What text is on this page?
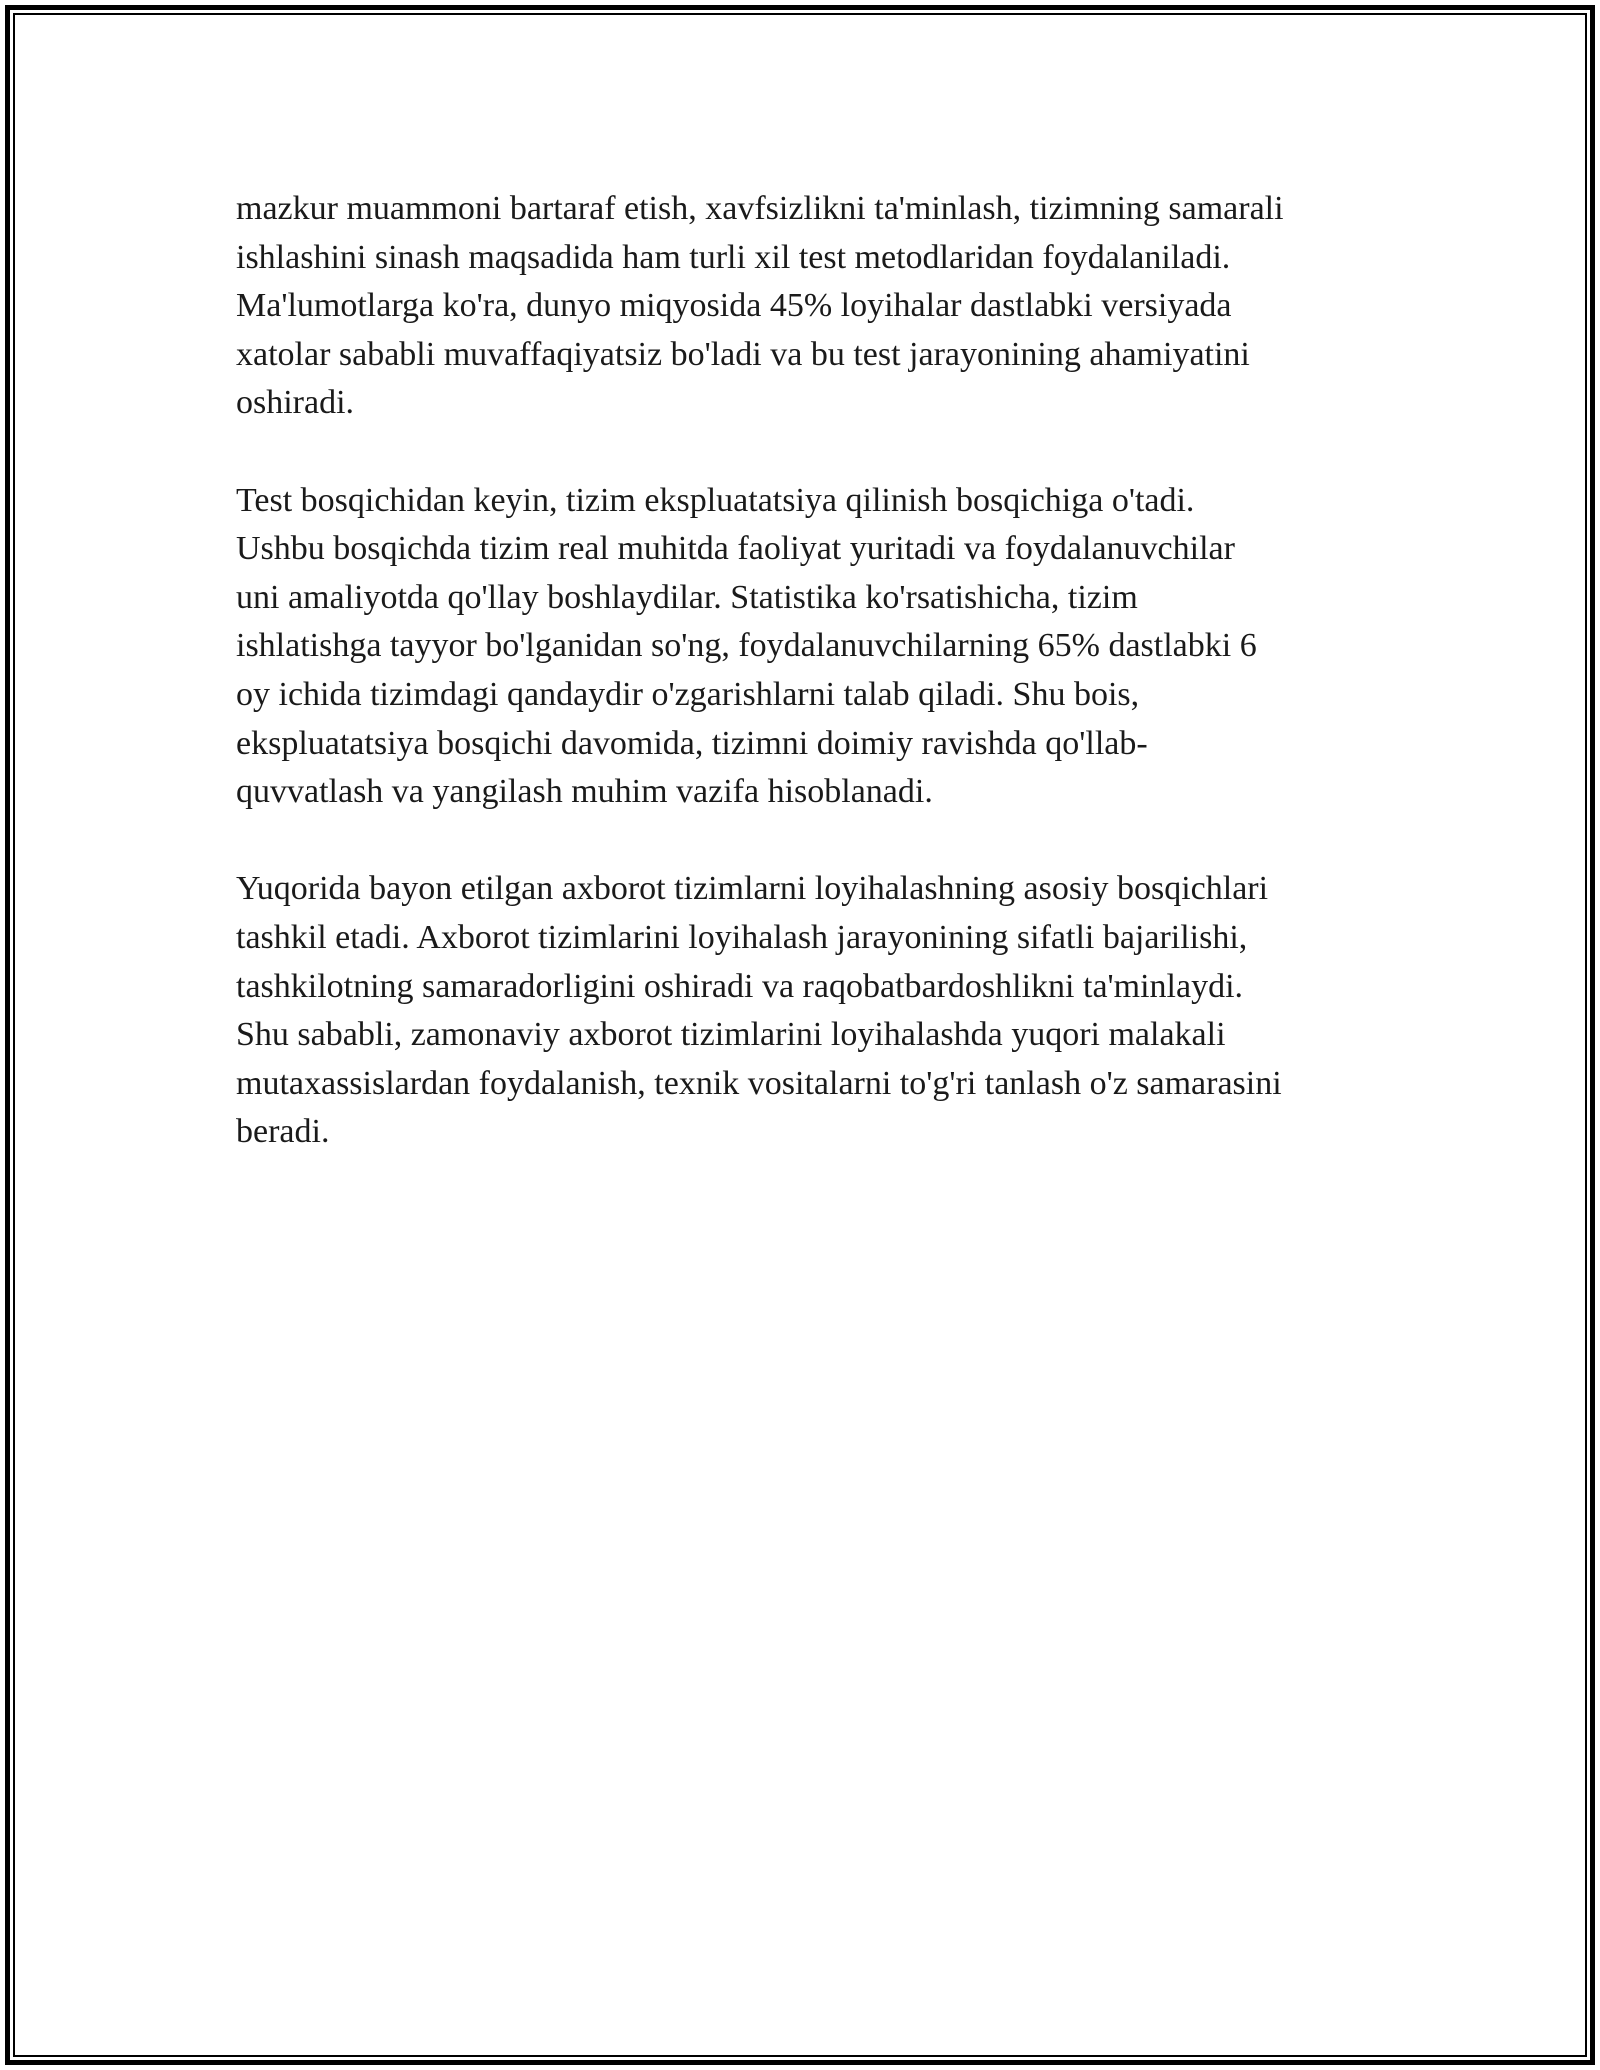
mazkur muammoni bartaraf etish, xavfsizlikni ta'minlash, tizimning samarali
ishlashini sinash maqsadida ham turli xil test metodlaridan foydalaniladi.
Ma'lumotlarga ko'ra, dunyo miqyosida 45% loyihalar dastlabki versiyada
xatolar sababli muvaffaqiyatsiz bo'ladi va bu test jarayonining ahamiyatini
oshiradi.

Test bosqichidan keyin, tizim ekspluatatsiya qilinish bosqichiga o'tadi.
Ushbu bosqichda tizim real muhitda faoliyat yuritadi va foydalanuvchilar
uni amaliyotda qo'llay boshlaydilar. Statistika ko'rsatishicha, tizim
ishlatishga tayyor bo'lganidan so'ng, foydalanuvchilarning 65% dastlabki 6
oy ichida tizimdagi qandaydir o'zgarishlarni talab qiladi. Shu bois,
ekspluatatsiya bosqichi davomida, tizimni doimiy ravishda qo'llab-
quvvatlash va yangilash muhim vazifa hisoblanadi.

Yuqorida bayon etilgan axborot tizimlarni loyihalashning asosiy bosqichlari
tashkil etadi. Axborot tizimlarini loyihalash jarayonining sifatli bajarilishi,
tashkilotning samaradorligini oshiradi va raqobatbardoshlikni ta'minlaydi.
Shu sababli, zamonaviy axborot tizimlarini loyihalashda yuqori malakali
mutaxassislardan foydalanish, texnik vositalarni to'g'ri tanlash o'z samarasini
beradi.
